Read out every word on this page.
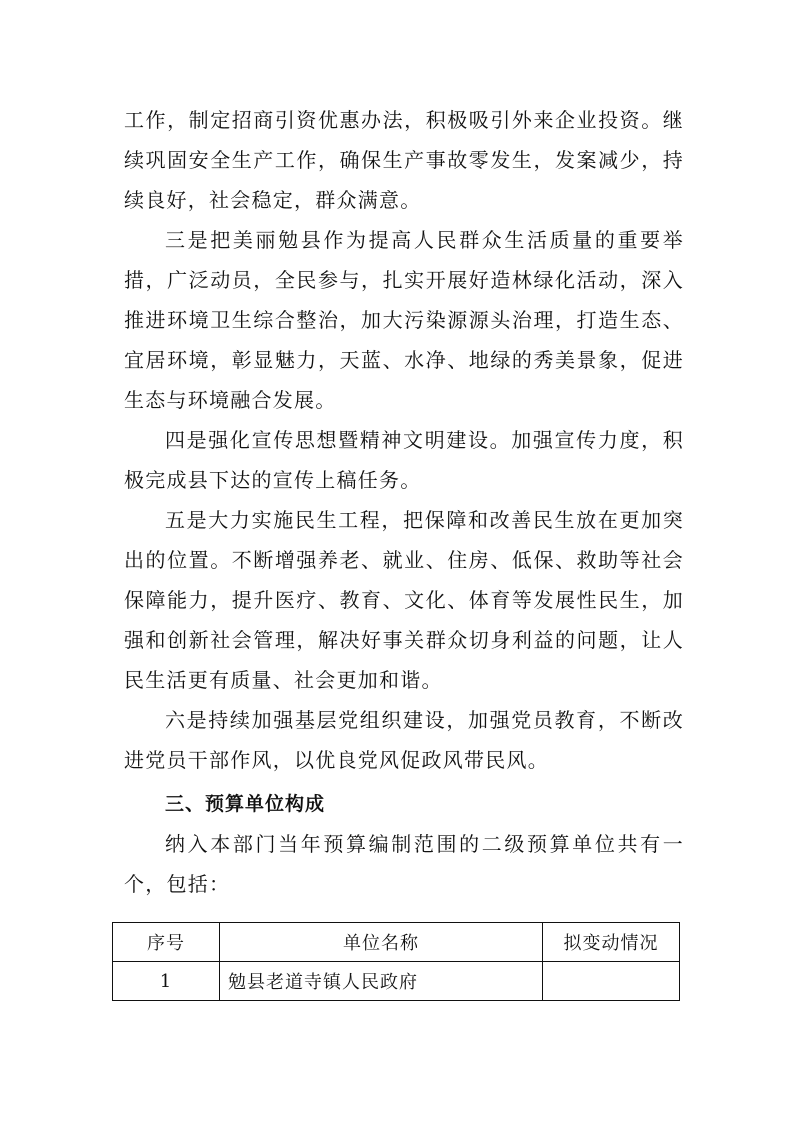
工作，制定招商引资优惠办法，积极吸引外来企业投资。继续巩固安全生产工作，确保生产事故零发生，发案减少，持续良好，社会稳定，群众满意。

三是把美丽勉县作为提高人民群众生活质量的重要举措，广泛动员，全民参与，扎实开展好造林绿化活动，深入推进环境卫生综合整治，加大污染源源头治理，打造生态、宜居环境，彰显魅力，天蓝、水净、地绿的秀美景象，促进生态与环境融合发展。

四是强化宣传思想暨精神文明建设。加强宣传力度，积极完成县下达的宣传上稿任务。

五是大力实施民生工程，把保障和改善民生放在更加突出的位置。不断增强养老、就业、住房、低保、救助等社会保障能力，提升医疗、教育、文化、体育等发展性民生，加强和创新社会管理，解决好事关群众切身利益的问题，让人民生活更有质量、社会更加和谐。

六是持续加强基层党组织建设，加强党员教育，不断改进党员干部作风，以优良党风促政风带民风。

三、预算单位构成

纳入本部门当年预算编制范围的二级预算单位共有一个，包括：

序号	单位名称	拟变动情况
1	勉县老道寺镇人民政府	
